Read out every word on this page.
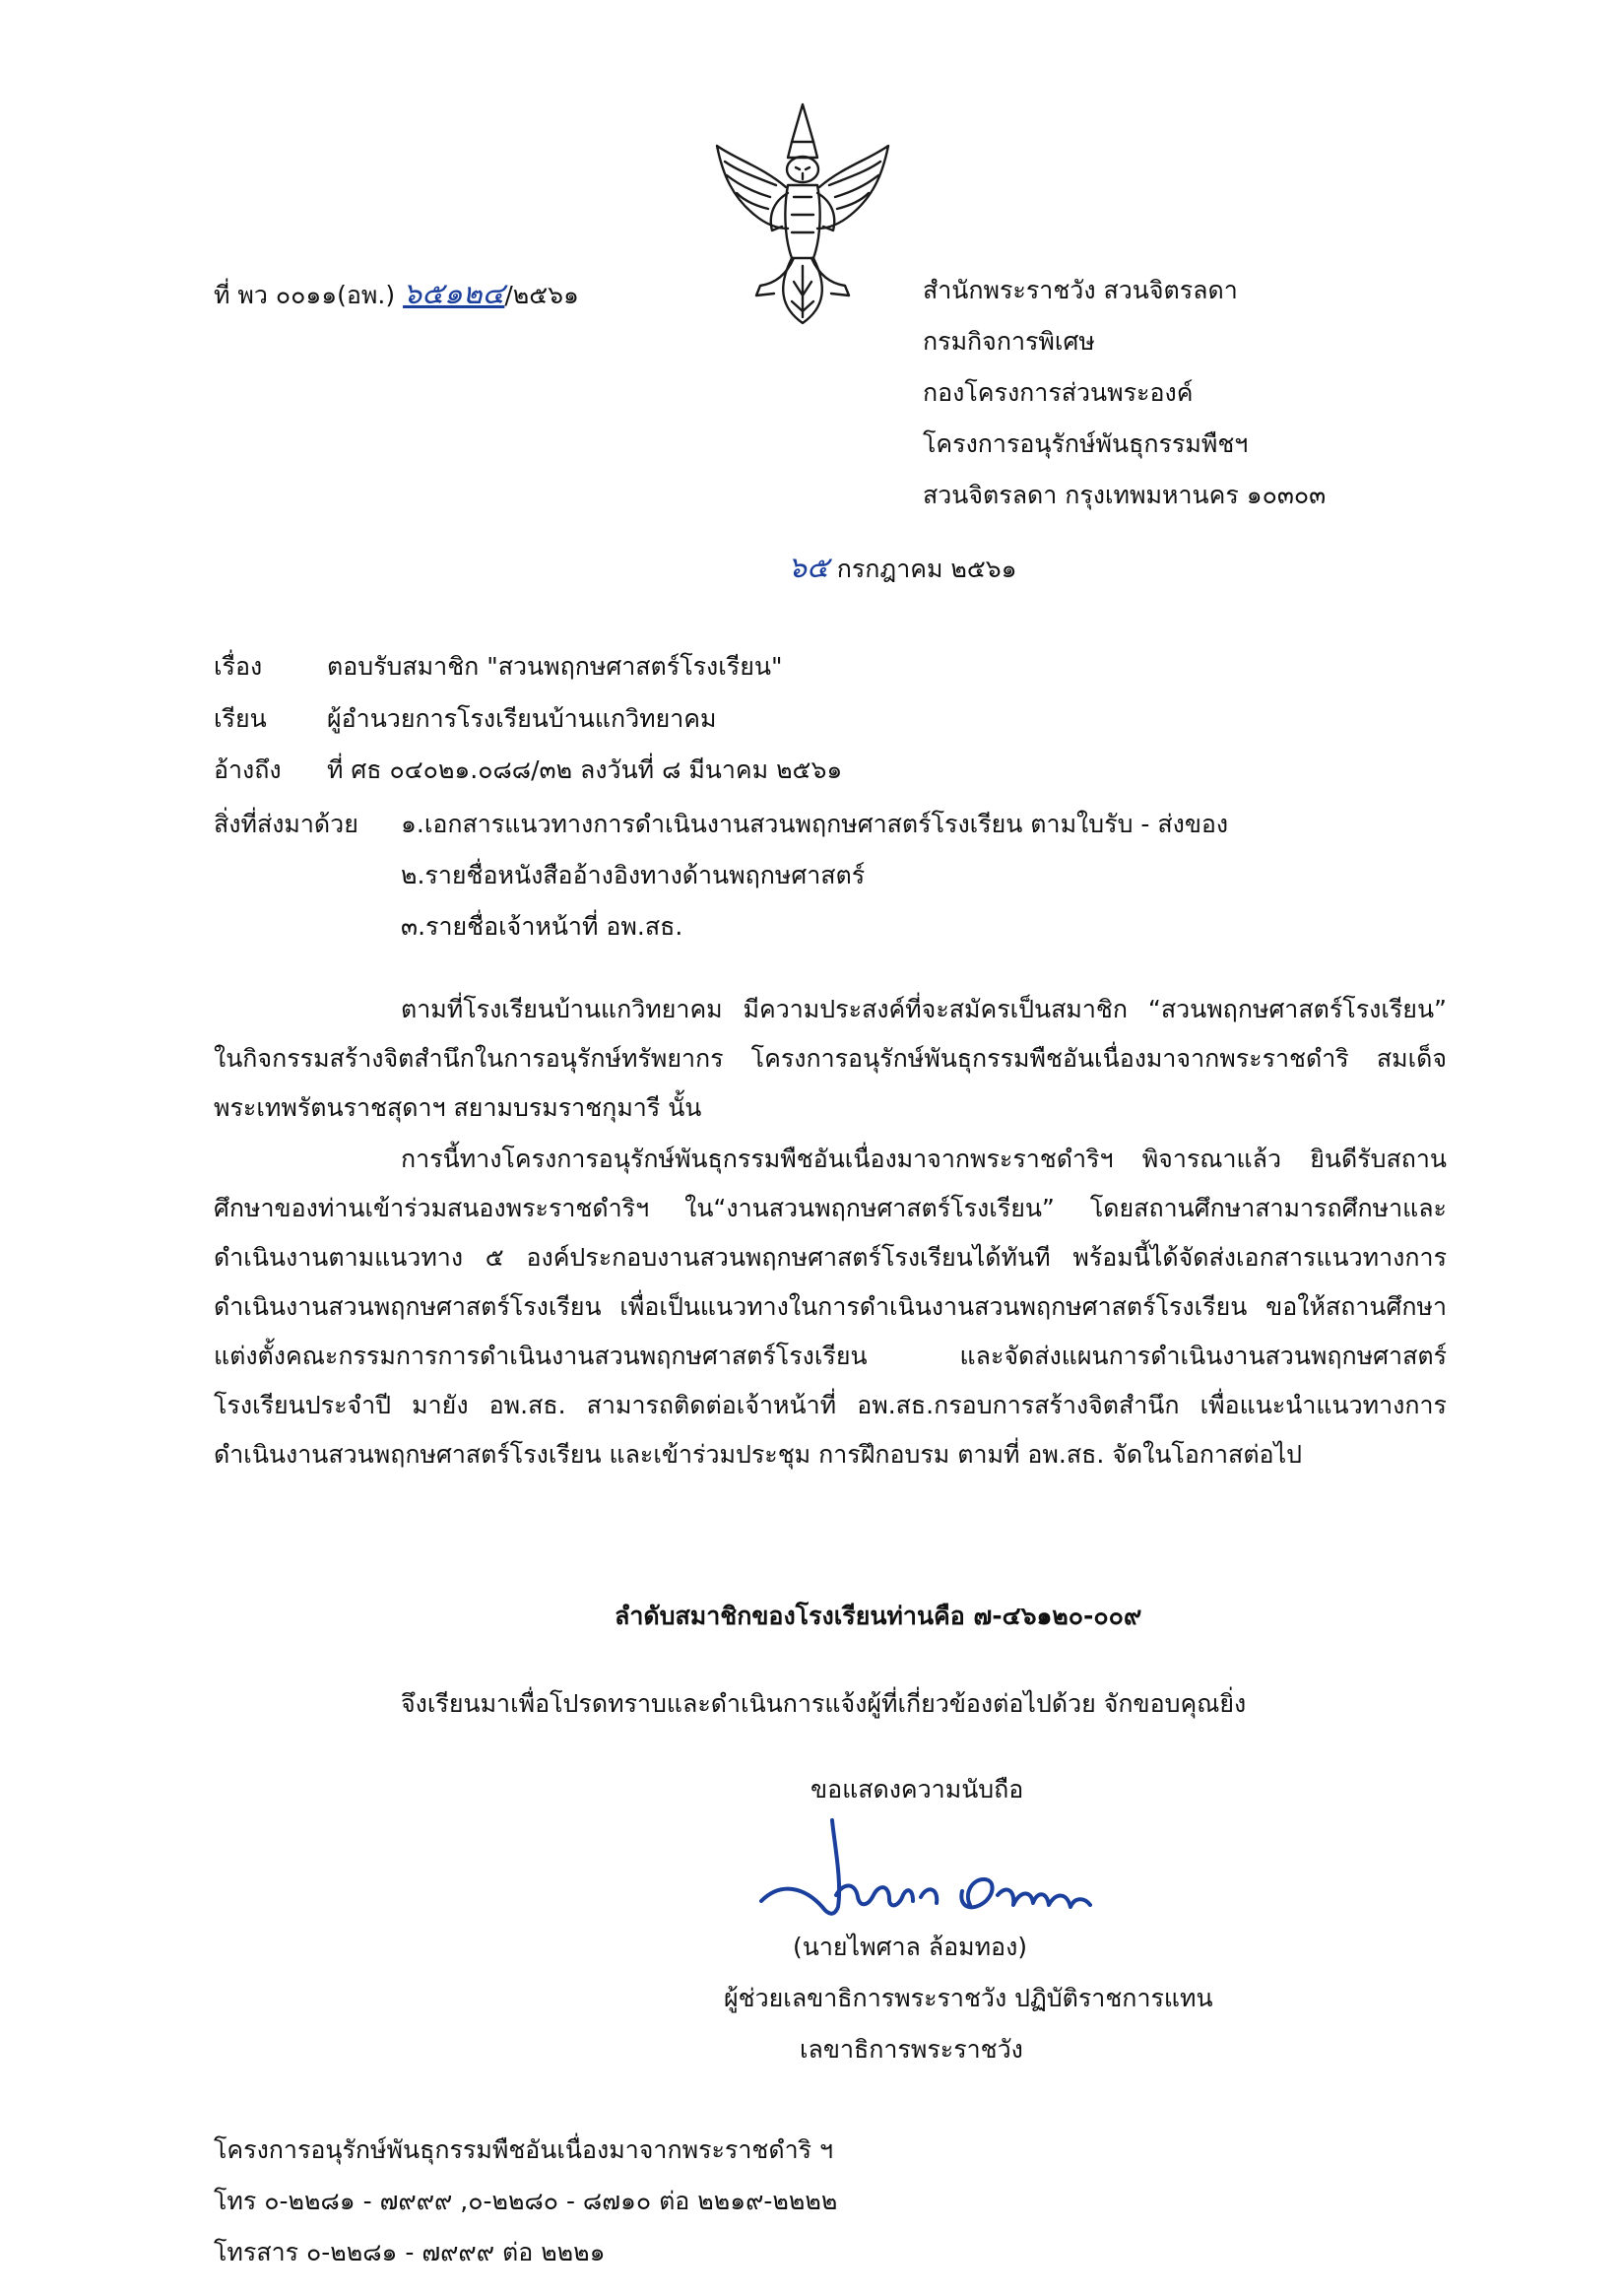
ที่ พว ๐๐๑๑(อพ.) ๖๕๑๒๔/๒๕๖๑	สำนักพระราชวัง สวนจิตรลดา
กรมกิจการพิเศษ
กองโครงการส่วนพระองค์
โครงการอนุรักษ์พันธุกรรมพืชฯ
สวนจิตรลดา กรุงเทพมหานคร ๑๐๓๐๓
๖๕ กรกฎาคม ๒๕๖๑
เรื่อง	ตอบรับสมาชิก "สวนพฤกษศาสตร์โรงเรียน"
เรียน ผู้อำนวยการโรงเรียนบ้านแกวิทยาคม
อ้างถึง ที่ ศธ ๐๔๐๒๑.๐๘๘/๓๒ ลงวันที่ ๘ มีนาคม ๒๕๖๑
สิ่งที่ส่งมาด้วย ๑.เอกสารแนวทางการดำเนินงานสวนพฤกษศาสตร์โรงเรียน ตามใบรับ - ส่งของ
๒.รายชื่อหนังสืออ้างอิงทางด้านพฤกษศาสตร์
๓.รายชื่อเจ้าหน้าที่ อพ.สธ.
ตามที่โรงเรียนบ้านแกวิทยาคม มีความประสงค์ที่จะสมัครเป็นสมาชิก “สวนพฤกษศาสตร์โรงเรียน” ในกิจกรรมสร้างจิตสำนึกในการอนุรักษ์ทรัพยากร โครงการอนุรักษ์พันธุกรรมพืชอันเนื่องมาจากพระราชดำริ สมเด็จพระเทพรัตนราชสุดาฯ สยามบรมราชกุมารี นั้น
การนี้ทางโครงการอนุรักษ์พันธุกรรมพืชอันเนื่องมาจากพระราชดำริฯ พิจารณาแล้ว ยินดีรับสถานศึกษาของท่านเข้าร่วมสนองพระราชดำริฯ ใน“งานสวนพฤกษศาสตร์โรงเรียน” โดยสถานศึกษาสามารถศึกษาและดำเนินงานตามแนวทาง ๕ องค์ประกอบงานสวนพฤกษศาสตร์โรงเรียนได้ทันที พร้อมนี้ได้จัดส่งเอกสารแนวทางการดำเนินงานสวนพฤกษศาสตร์โรงเรียน เพื่อเป็นแนวทางในการดำเนินงานสวนพฤกษศาสตร์โรงเรียน ขอให้สถานศึกษาแต่งตั้งคณะกรรมการการดำเนินงานสวนพฤกษศาสตร์โรงเรียน และจัดส่งแผนการดำเนินงานสวนพฤกษศาสตร์โรงเรียนประจำปี มายัง อพ.สธ. สามารถติดต่อเจ้าหน้าที่ อพ.สธ.กรอบการสร้างจิตสำนึก เพื่อแนะนำแนวทางการดำเนินงานสวนพฤกษศาสตร์โรงเรียน และเข้าร่วมประชุม การฝึกอบรม ตามที่ อพ.สธ. จัดในโอกาสต่อไป
ลำดับสมาชิกของโรงเรียนท่านคือ ๗-๔๖๑๒๐-๐๐๙
จึงเรียนมาเพื่อโปรดทราบและดำเนินการแจ้งผู้ที่เกี่ยวข้องต่อไปด้วย จักขอบคุณยิ่ง
ขอแสดงความนับถือ
(นายไพศาล ล้อมทอง)
ผู้ช่วยเลขาธิการพระราชวัง ปฏิบัติราชการแทน
เลขาธิการพระราชวัง
โครงการอนุรักษ์พันธุกรรมพืชอันเนื่องมาจากพระราชดำริ ฯ
โทร ๐-๒๒๘๑ - ๗๙๙๙ ,๐-๒๒๘๐ - ๘๗๑๐ ต่อ ๒๒๑๙-๒๒๒๒
โทรสาร ๐-๒๒๘๑ - ๗๙๙๙ ต่อ ๒๒๒๑
